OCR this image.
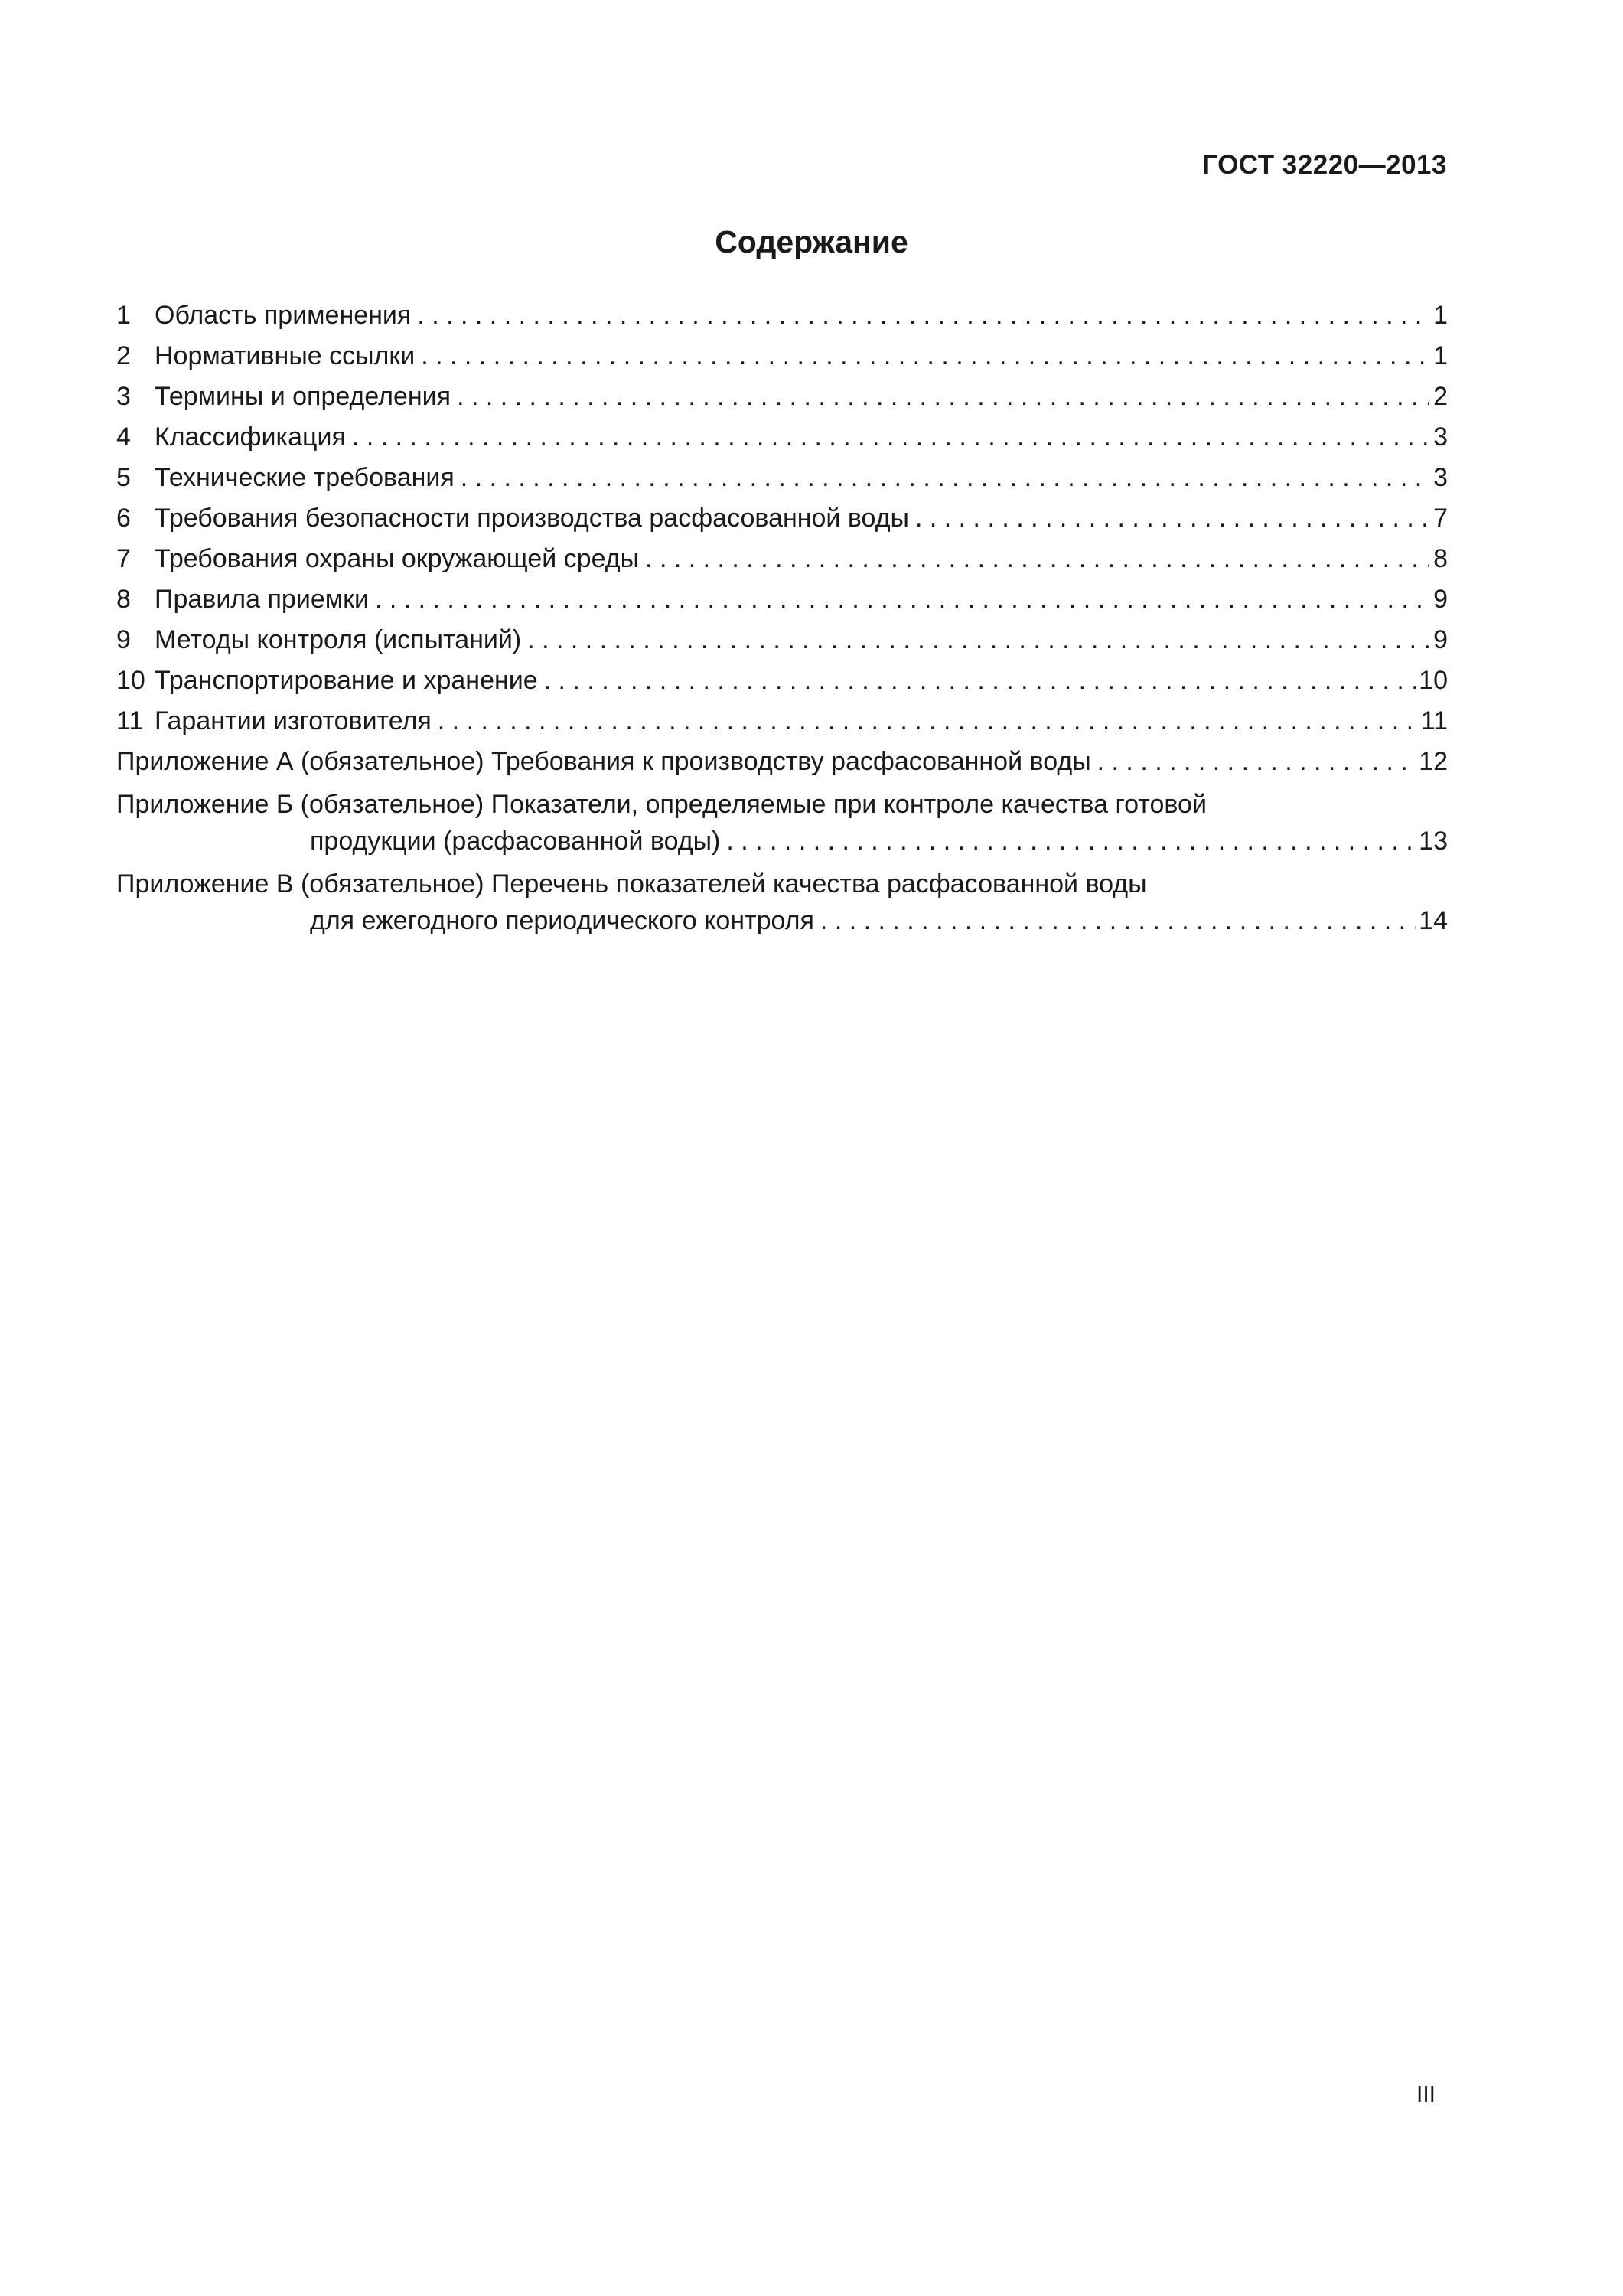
ГОСТ 32220—2013
Содержание
1 Область применения . . .	1
2 Нормативные ссылки . . .	1
3 Термины и определения . . .	2
4 Классификация . . .	3
5 Технические требования . . .	3
6 Требования безопасности производства расфасованной воды . . .	7
7 Требования охраны окружающей среды . . .	8
8 Правила приемки . . .	9
9 Методы контроля (испытаний) . . .	9
10 Транспортирование и хранение . . .	10
11 Гарантии изготовителя . . .	11
Приложение А (обязательное) Требования к производству расфасованной воды . . .	12
Приложение Б (обязательное) Показатели, определяемые при контроле качества готовой
продукции (расфасованной воды) . . .	13
Приложение В (обязательное) Перечень показателей качества расфасованной воды
для ежегодного периодического контроля . . .	14
III
